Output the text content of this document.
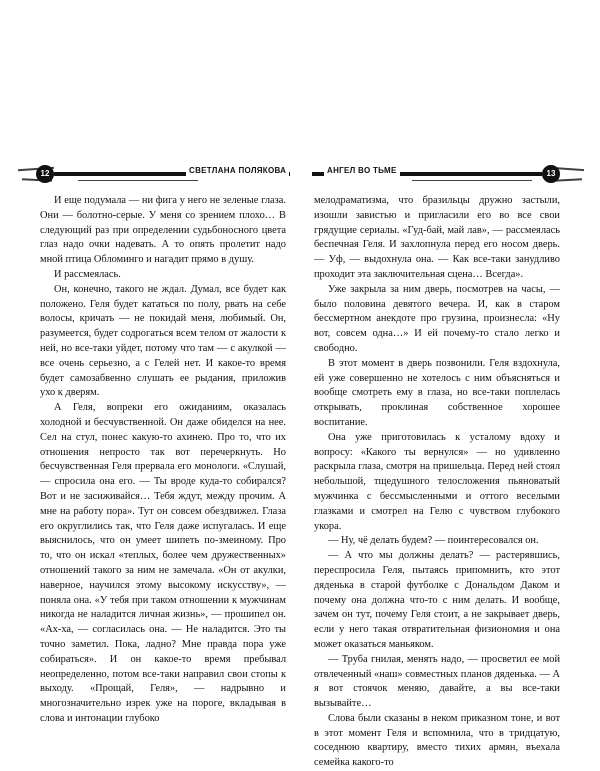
12	СВЕТЛАНА ПОЛЯКОВА

И еще подумала — ни фига у него не зеленые глаза. Они — болотно-серые. У меня со зрением плохо… В следующий раз при определении судьбоносного цвета глаз надо очки надевать. А то опять пролетит надо мной птица Обломинго и нагадит прямо в душу.

И рассмеялась.

Он, конечно, такого не ждал. Думал, все будет как положено. Геля будет кататься по полу, рвать на себе волосы, кричать — не покидай меня, любимый. Он, разумеется, будет содрогаться всем телом от жалости к ней, но все-таки уйдет, потому что там — с акулкой — все очень серьезно, а с Гелей нет. И какое-то время будет самозабвенно слушать ее рыдания, приложив ухо к дверям.

А Геля, вопреки его ожиданиям, оказалась холодной и бесчувственной. Он даже обиделся на нее. Сел на стул, понес какую-то ахинею. Про то, что их отношения непросто так вот перечеркнуть. Но бесчувственная Геля прервала его монологи. «Слушай, — спросила она его. — Ты вроде куда-то собирался? Вот и не засиживайся… Тебя ждут, между прочим. А мне на работу пора». Тут он совсем обездвижел. Глаза его округлились так, что Геля даже испугалась. И еще выяснилось, что он умеет шипеть по-змеиному. Про то, что он искал «теплых, более чем дружественных» отношений такого за ним не замечала. «Он от акулки, наверное, научился этому высокому искусству», — поняла она. «У тебя при таком отношении к мужчинам никогда не наладится личная жизнь», — прошипел он. «Ах-ха, — согласилась она. — Не наладится. Это ты точно заметил. Пока, ладно? Мне правда пора уже собираться». И он какое-то время пребывал неопределенно, потом все-таки направил свои стопы к выходу. «Прощай, Геля», — надрывно и многозначительно изрек уже на пороге, вкладывая в слова и интонации глубоко

АНГЕЛ ВО ТЬМЕ	13

мелодраматизма, что бразильцы дружно застыли, изошли завистью и пригласили его во все свои грядущие сериалы. «Гуд-бай, май лав», — рассмеялась беспечная Геля. И захлопнула перед его носом дверь. — Уф, — выдохнула она. — Как все-таки занудливо проходит эта заключительная сцена… Всегда».

Уже закрыла за ним дверь, посмотрев на часы, — было половина девятого вечера. И, как в старом бессмертном анекдоте про грузина, произнесла: «Ну вот, совсем одна…» И ей почему-то стало легко и свободно.

В этот момент в дверь позвонили. Геля вздохнула, ей уже совершенно не хотелось с ним объясняться и вообще смотреть ему в глаза, но все-таки поплелась открывать, проклиная собственное хорошее воспитание.

Она уже приготовилась к усталому вдоху и вопросу: «Какого ты вернулся» — но удивленно раскрыла глаза, смотря на пришельца. Перед ней стоял небольшой, тщедушного телосложения пьяноватый мужчинка с бессмысленными и оттого веселыми глазками и смотрел на Гелю с чувством глубокого укора.

— Ну, чё делать будем? — поинтересовался он.

— А что мы должны делать? — растерявшись, переспросила Геля, пытаясь припомнить, кто этот дяденька в старой футболке с Дональдом Даком и почему она должна что-то с ним делать. И вообще, зачем он тут, почему Геля стоит, а не закрывает дверь, если у него такая отвратительная физиономия и она может оказаться маньяком.

— Труба гнилая, менять надо, — просветил ее мой отвлеченный «наш» совместных планов дяденька. — А я вот стоячок меняю, давайте, а вы все-таки вызывайте…

Слова были сказаны в неком приказном тоне, и вот в этот момент Геля и вспомнила, что в тридцатую, соседнюю квартиру, вместо тихих армян, въехала семейка какого-то
